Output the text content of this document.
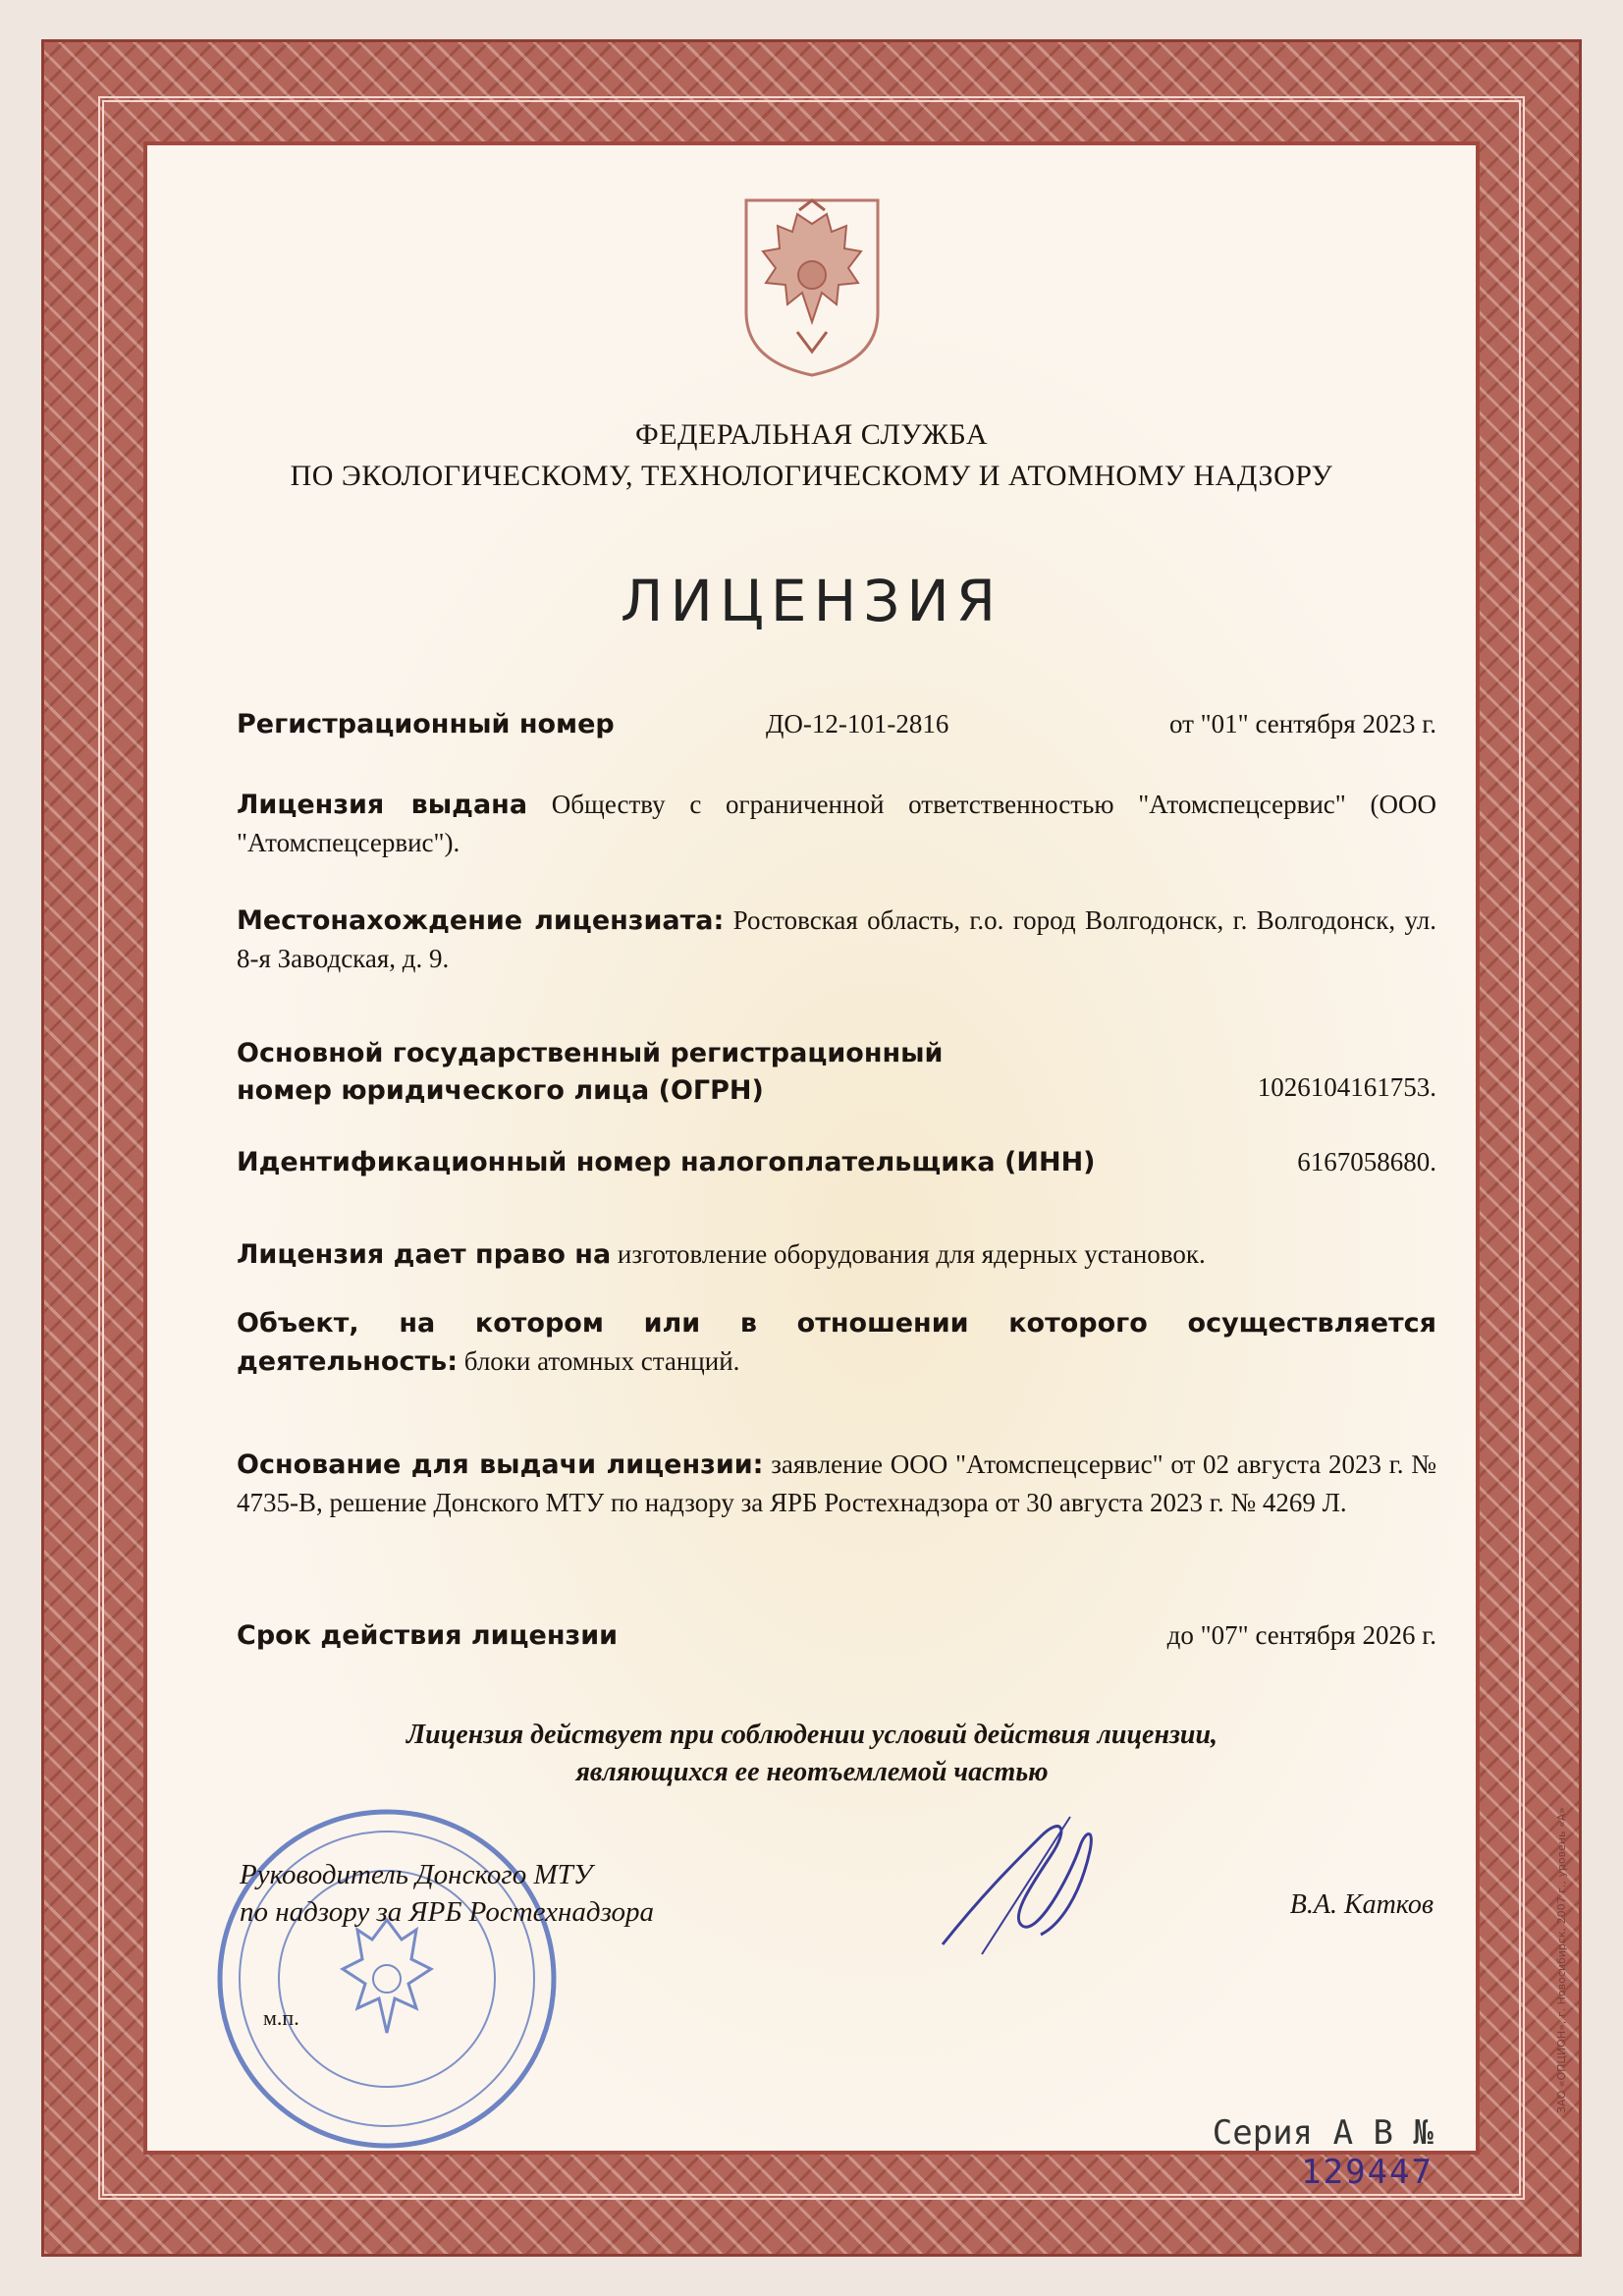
ФЕДЕРАЛЬНАЯ СЛУЖБА
ПО ЭКОЛОГИЧЕСКОМУ, ТЕХНОЛОГИЧЕСКОМУ И АТОМНОМУ НАДЗОРУ
ЛИЦЕНЗИЯ
Регистрационный номер	ДО-12-101-2816	от "01" сентября 2023 г.
Лицензия выдана Обществу с ограниченной ответственностью "Атомспецсервис" (ООО "Атомспецсервис").
Местонахождение лицензиата: Ростовская область, г.о. город Волгодонск, г. Волгодонск, ул. 8-я Заводская, д. 9.
Основной государственный регистрационный
номер юридического лица (ОГРН)	1026104161753.
Идентификационный номер налогоплательщика (ИНН)	6167058680.
Лицензия дает право на изготовление оборудования для ядерных установок.
Объект, на котором или в отношении которого осуществляется деятельность: блоки атомных станций.
Основание для выдачи лицензии: заявление ООО "Атомспецсервис" от 02 августа 2023 г. № 4735-В, решение Донского МТУ по надзору за ЯРБ Ростехнадзора от 30 августа 2023 г. № 4269 Л.
Срок действия лицензии	до "07" сентября 2026 г.
Лицензия действует при соблюдении условий действия лицензии,
являющихся ее неотъемлемой частью
Руководитель Донского МТУ
по надзору за ЯРБ Ростехнадзора	В.А. Катков
м.п.
Серия А В № 129447
ЗАО «ОПЦИОН», г. Новосибирск, 2007 г., уровень «А»
